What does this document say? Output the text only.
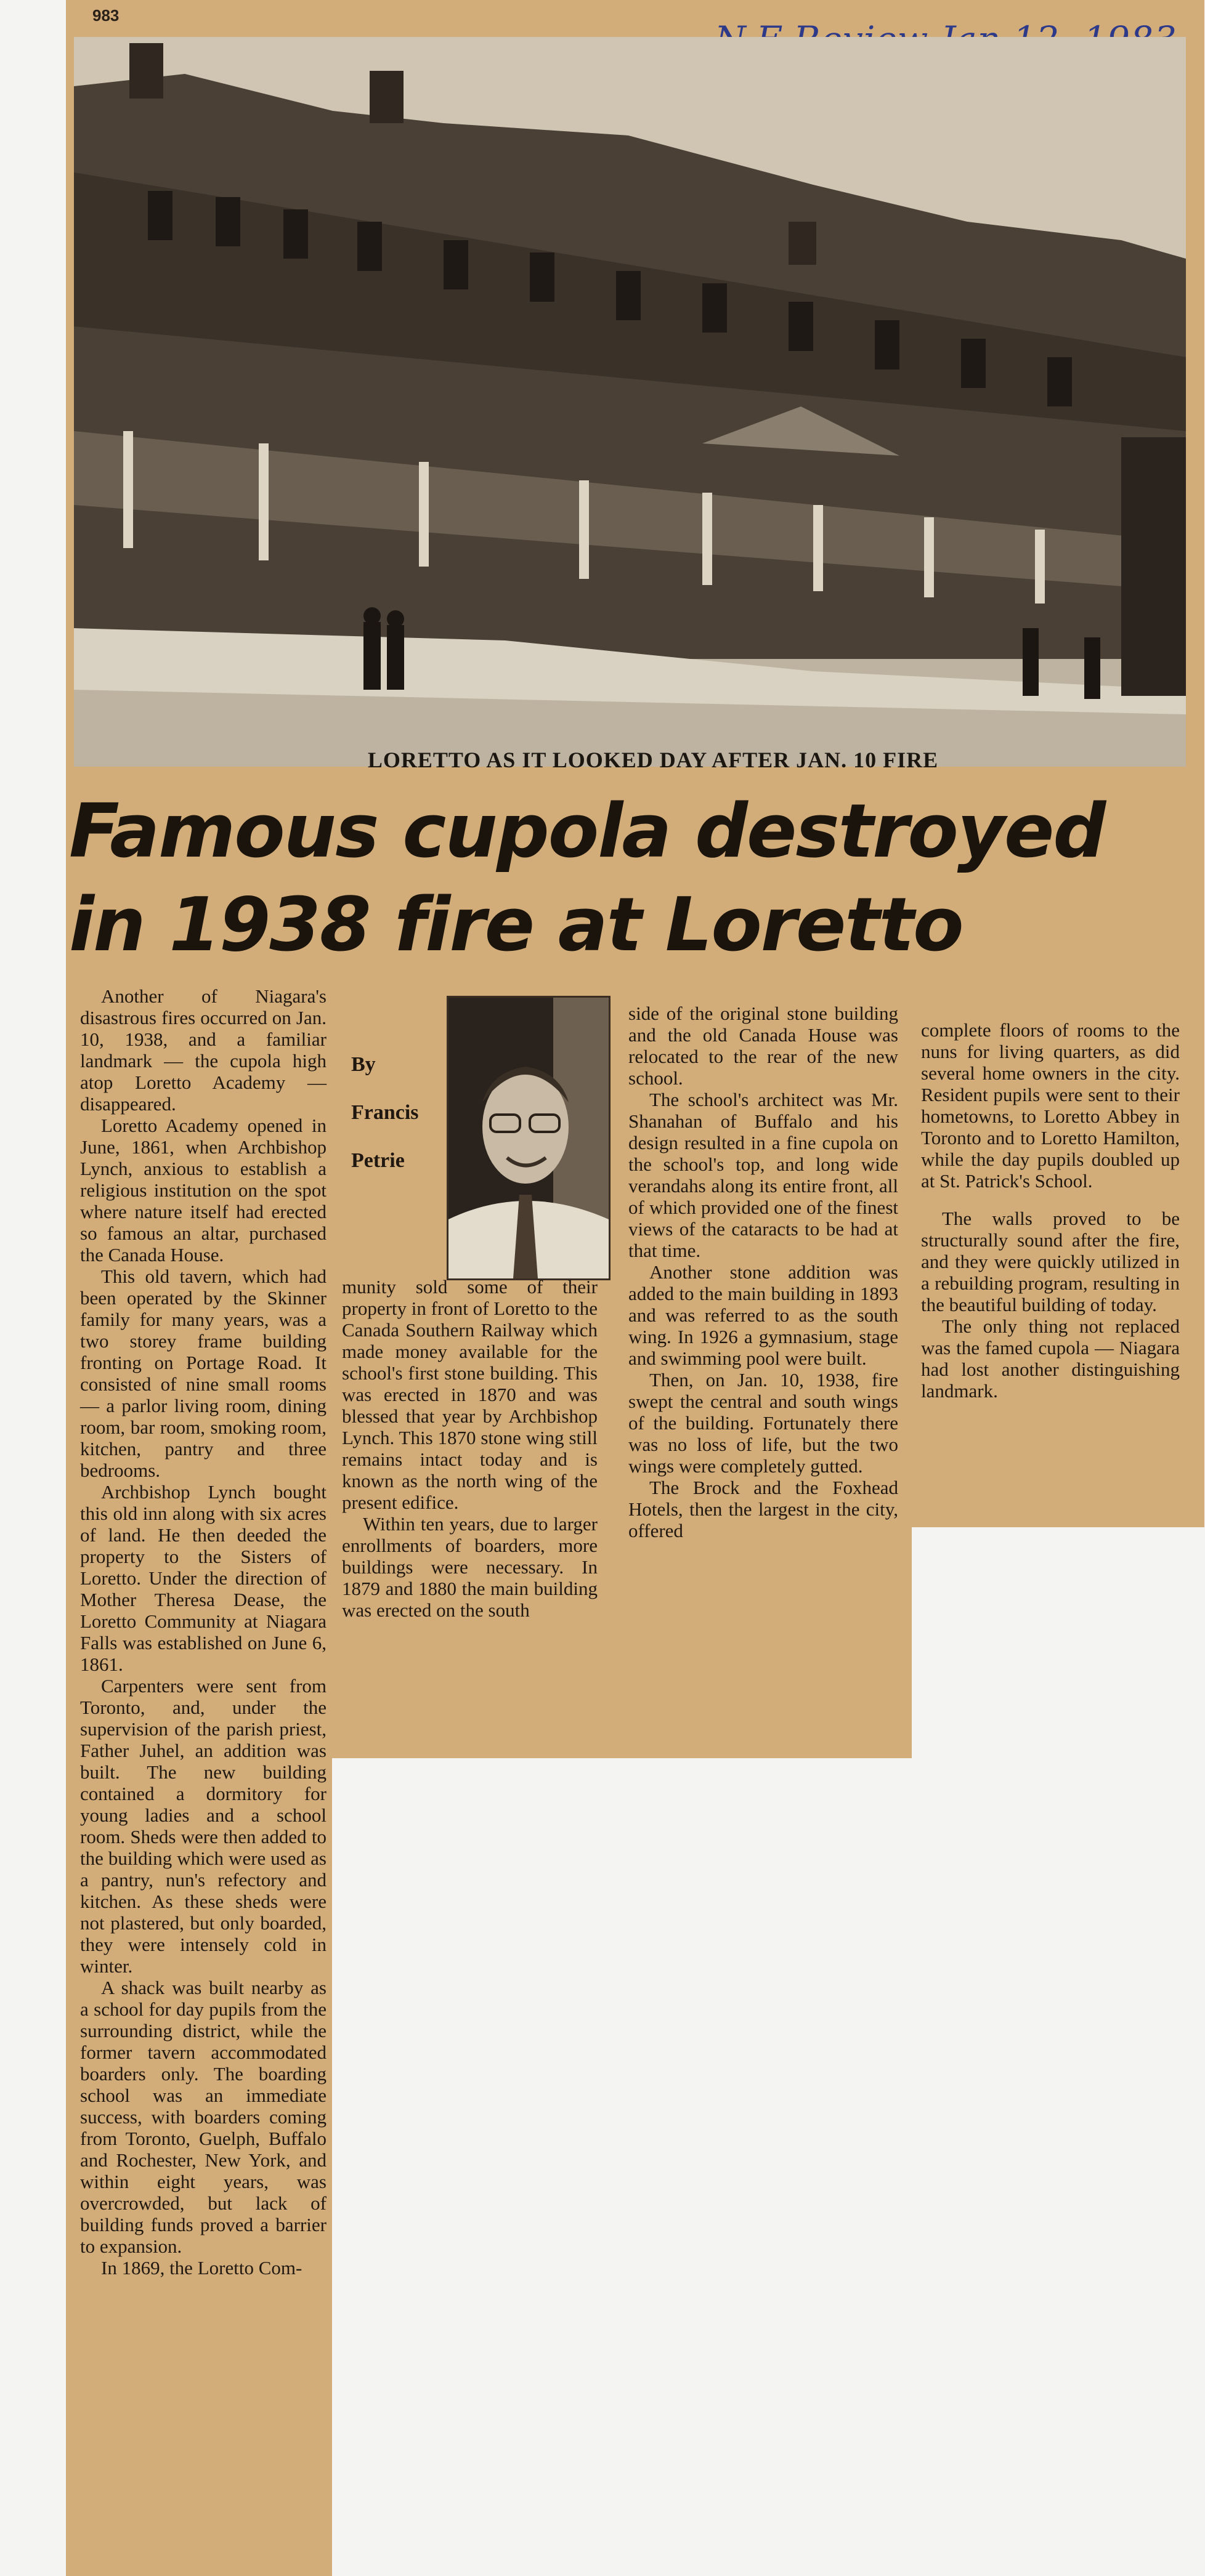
983
LORETTO AS IT LOOKED DAY AFTER JAN. 10 FIRE
Famous cupola destroyed
in 1938 fire at Loretto
By
Francis
Petrie

Another of Niagara's disastrous fires occurred on Jan. 10, 1938, and a familiar landmark — the cupola high atop Loretto Academy — disappeared.

Loretto Academy opened in June, 1861, when Archbishop Lynch, anxious to establish a religious institution on the spot where nature itself had erected so famous an altar, purchased the Canada House.

This old tavern, which had been operated by the Skinner family for many years, was a two storey frame building fronting on Portage Road. It consisted of nine small rooms — a parlor living room, dining room, bar room, smoking room, kitchen, pantry and three bedrooms.

Archbishop Lynch bought this old inn along with six acres of land. He then deeded the property to the Sisters of Loretto. Under the direction of Mother Theresa Dease, the Loretto Community at Niagara Falls was established on June 6, 1861.

Carpenters were sent from Toronto, and, under the supervision of the parish priest, Father Juhel, an addition was built. The new building contained a dormitory for young ladies and a school room. Sheds were then added to the building which were used as a pantry, nun's refectory and kitchen. As these sheds were not plastered, but only boarded, they were intensely cold in winter.

A shack was built nearby as a school for day pupils from the surrounding district, while the former tavern accommodated boarders only. The boarding school was an immediate success, with boarders coming from Toronto, Guelph, Buffalo and Rochester, New York, and within eight years, was overcrowded, but lack of building funds proved a barrier to expansion.

In 1869, the Loretto Com-

munity sold some of their property in front of Loretto to the Canada Southern Railway which made money available for the school's first stone building. This was erected in 1870 and was blessed that year by Archbishop Lynch. This 1870 stone wing still remains intact today and is known as the north wing of the present edifice.

Within ten years, due to larger enrollments of boarders, more buildings were necessary. In 1879 and 1880 the main building was erected on the south

side of the original stone building and the old Canada House was relocated to the rear of the new school.

The school's architect was Mr. Shanahan of Buffalo and his design resulted in a fine cupola on the school's top, and long wide verandahs along its entire front, all of which provided one of the finest views of the cataracts to be had at that time.

Another stone addition was added to the main building in 1893 and was referred to as the south wing. In 1926 a gymnasium, stage and swimming pool were built.

Then, on Jan. 10, 1938, fire swept the central and south wings of the building. Fortunately there was no loss of life, but the two wings were completely gutted.

The Brock and the Foxhead Hotels, then the largest in the city, offered

complete floors of rooms to the nuns for living quarters, as did several home owners in the city. Resident pupils were sent to their hometowns, to Loretto Abbey in Toronto and to Loretto Hamilton, while the day pupils doubled up at St. Patrick's School.

The walls proved to be structurally sound after the fire, and they were quickly utilized in a rebuilding program, resulting in the beautiful building of today.

The only thing not replaced was the famed cupola — Niagara had lost another distinguishing landmark.
